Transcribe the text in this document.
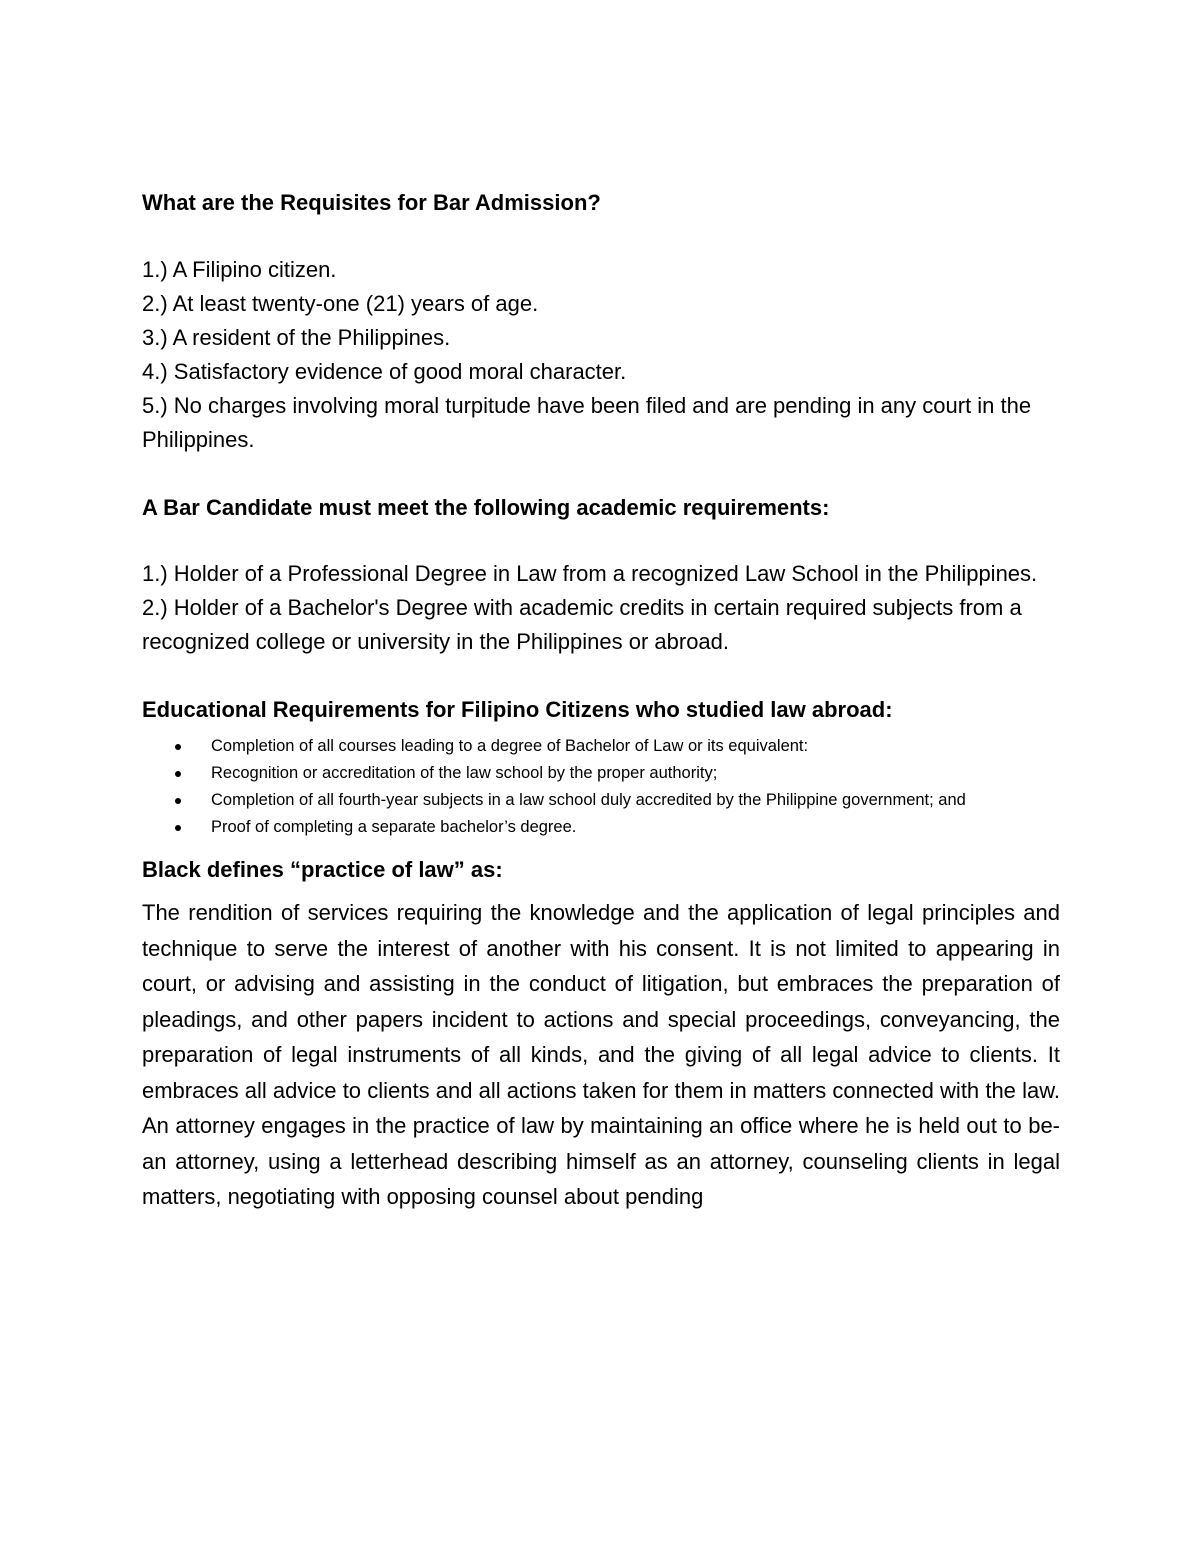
What are the Requisites for Bar Admission?

1.) A Filipino citizen.
2.) At least twenty-one (21) years of age.
3.) A resident of the Philippines.
4.) Satisfactory evidence of good moral character.
5.) No charges involving moral turpitude have been filed and are pending in any court in the Philippines.

A Bar Candidate must meet the following academic requirements:

1.) Holder of a Professional Degree in Law from a recognized Law School in the Philippines.
2.) Holder of a Bachelor's Degree with academic credits in certain required subjects from a recognized college or university in the Philippines or abroad.

Educational Requirements for Filipino Citizens who studied law abroad:

Completion of all courses leading to a degree of Bachelor of Law or its equivalent:
Recognition or accreditation of the law school by the proper authority;
Completion of all fourth-year subjects in a law school duly accredited by the Philippine government; and
Proof of completing a separate bachelor’s degree.

Black defines “practice of law” as:

The rendition of services requiring the knowledge and the application of legal principles and technique to serve the interest of another with his consent. It is not limited to appearing in court, or advising and assisting in the conduct of litigation, but embraces the preparation of pleadings, and other papers incident to actions and special proceedings, conveyancing, the preparation of legal instruments of all kinds, and the giving of all legal advice to clients. It embraces all advice to clients and all actions taken for them in matters connected with the law. An attorney engages in the practice of law by maintaining an office where he is held out to be- an attorney, using a letterhead describing himself as an attorney, counseling clients in legal matters, negotiating with opposing counsel about pending
